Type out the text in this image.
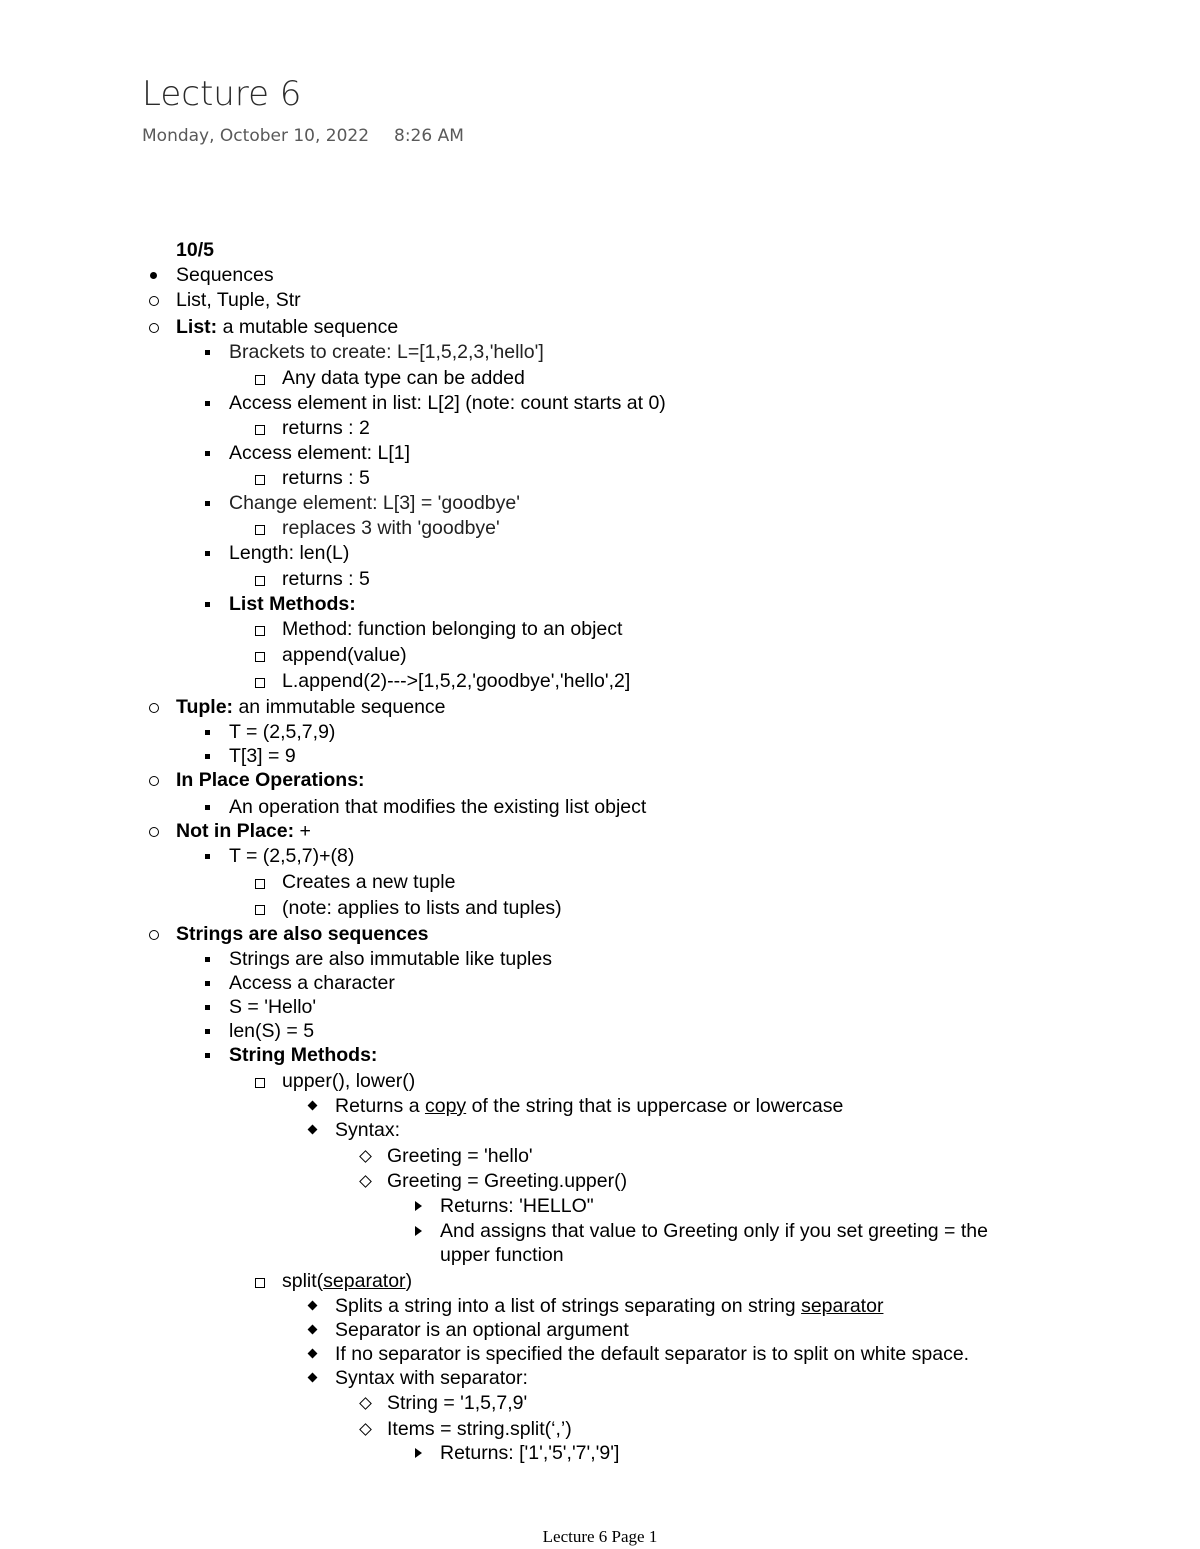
Lecture 6
Monday, October 10, 2022 8:26 AM
10/5
Sequences
List, Tuple, Str
List: a mutable sequence
Brackets to create: L=[1,5,2,3,'hello']
Any data type can be added
Access element in list: L[2] (note: count starts at 0)
returns : 2
Access element: L[1]
returns : 5
Change element: L[3] = 'goodbye'
replaces 3 with 'goodbye'
Length: len(L)
returns : 5
List Methods:
Method: function belonging to an object
append(value)
L.append(2)--->[1,5,2,'goodbye','hello',2]
Tuple: an immutable sequence
T = (2,5,7,9)
T[3] = 9
In Place Operations:
An operation that modifies the existing list object
Not in Place: +
T = (2,5,7)+(8)
Creates a new tuple
(note: applies to lists and tuples)
Strings are also sequences
Strings are also immutable like tuples
Access a character
S = 'Hello'
len(S) = 5
String Methods:
upper(), lower()
Returns a copy of the string that is uppercase or lowercase
Syntax:
Greeting = 'hello'
Greeting = Greeting.upper()
Returns: 'HELLO"
And assigns that value to Greeting only if you set greeting = the
upper function
split(separator)
Splits a string into a list of strings separating on string separator
Separator is an optional argument
If no separator is specified the default separator is to split on white space.
Syntax with separator:
String = '1,5,7,9'
Items = string.split(‘,’)
Returns: ['1','5','7','9']
Lecture 6 Page 1
